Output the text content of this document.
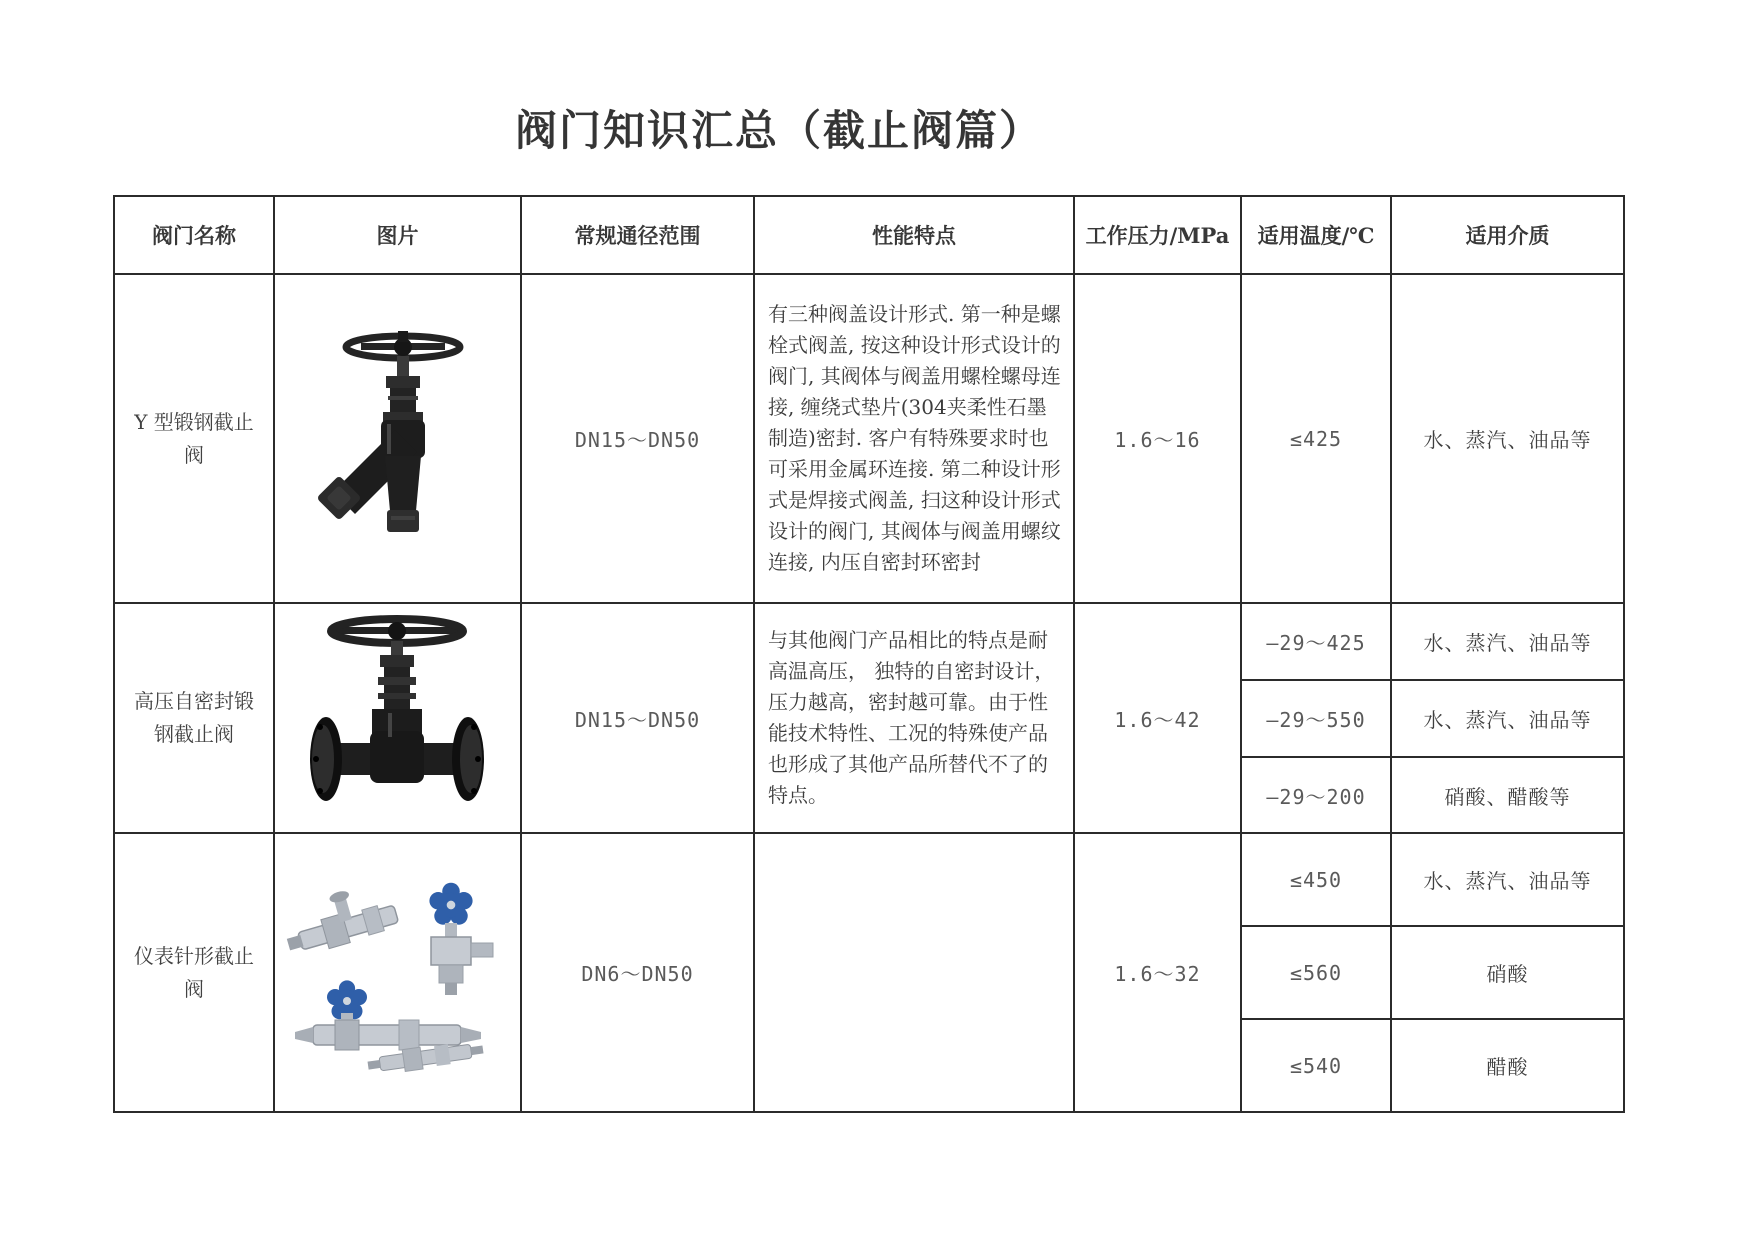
阀门知识汇总（截止阀篇）
阀门名称	图片	常规通径范围	性能特点	工作压力/MPa	适用温度/℃	适用介质
Y 型锻钢截止阀		DN15～DN50	有三种阀盖设计形式. 第一种是螺栓式阀盖, 按这种设计形式设计的阀门, 其阀体与阀盖用螺栓螺母连接, 缠绕式垫片(304夹柔性石墨制造)密封. 客户有特殊要求时也可采用金属环连接. 第二种设计形式是焊接式阀盖, 扫这种设计形式设计的阀门, 其阀体与阀盖用螺纹连接, 内压自密封环密封	1.6～16	≤425	水、蒸汽、油品等
高压自密封锻钢截止阀		DN15～DN50	与其他阀门产品相比的特点是耐高温高压， 独特的自密封设计，压力越高，密封越可靠。由于性能技术特性、工况的特殊使产品也形成了其他产品所替代不了的特点。	1.6～42	—29～425	水、蒸汽、油品等
					—29～550	水、蒸汽、油品等
					—29～200	硝酸、醋酸等
仪表针形截止阀		DN6～DN50		1.6～32	≤450	水、蒸汽、油品等
					≤560	硝酸
					≤540	醋酸
